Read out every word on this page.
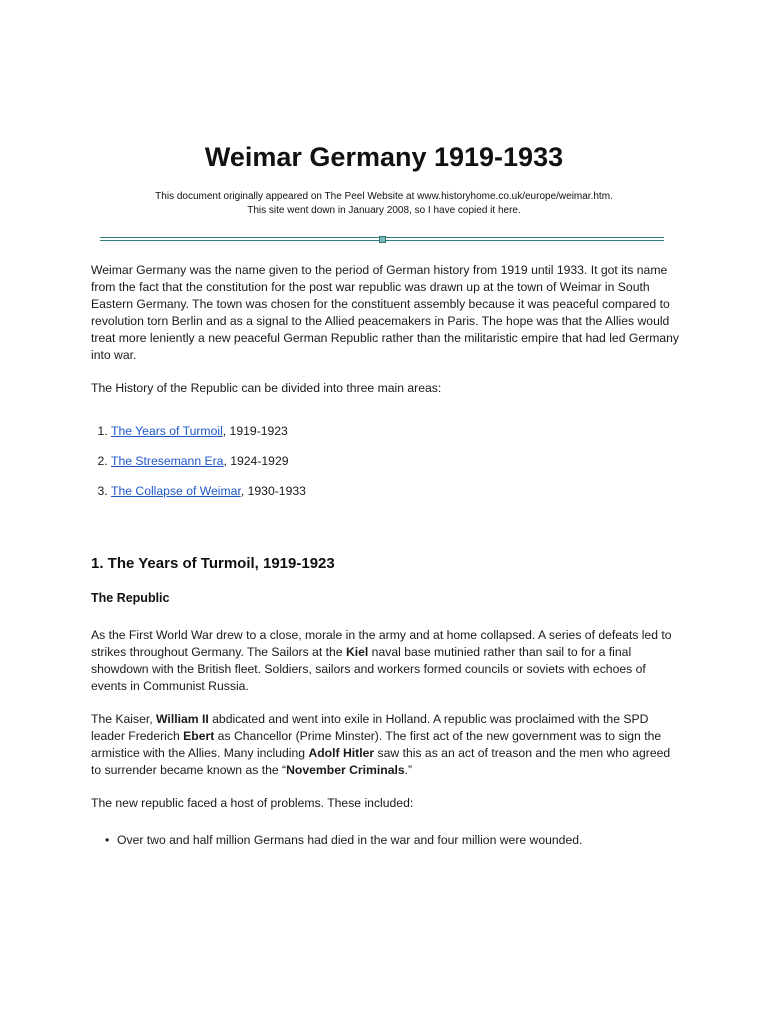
Weimar Germany 1919-1933
This document originally appeared on The Peel Website at www.historyhome.co.uk/europe/weimar.htm.
This site went down in January 2008, so I have copied it here.

Weimar Germany was the name given to the period of German history from 1919 until 1933. It got its name from the fact that the constitution for the post war republic was drawn up at the town of Weimar in South Eastern Germany. The town was chosen for the constituent assembly because it was peaceful compared to revolution torn Berlin and as a signal to the Allied peacemakers in Paris. The hope was that the Allies would treat more leniently a new peaceful German Republic rather than the militaristic empire that had led Germany into war.

The History of the Republic can be divided into three main areas:

1. The Years of Turmoil, 1919-1923
2. The Stresemann Era, 1924-1929
3. The Collapse of Weimar, 1930-1933
1. The Years of Turmoil, 1919-1923
The Republic

As the First World War drew to a close, morale in the army and at home collapsed. A series of defeats led to strikes throughout Germany. The Sailors at the Kiel naval base mutinied rather than sail to for a final showdown with the British fleet. Soldiers, sailors and workers formed councils or soviets with echoes of events in Communist Russia.

The Kaiser, William II abdicated and went into exile in Holland. A republic was proclaimed with the SPD leader Frederich Ebert as Chancellor (Prime Minster). The first act of the new government was to sign the armistice with the Allies. Many including Adolf Hitler saw this as an act of treason and the men who agreed to surrender became known as the “November Criminals.”

The new republic faced a host of problems. These included:

• Over two and half million Germans had died in the war and four million were wounded.
